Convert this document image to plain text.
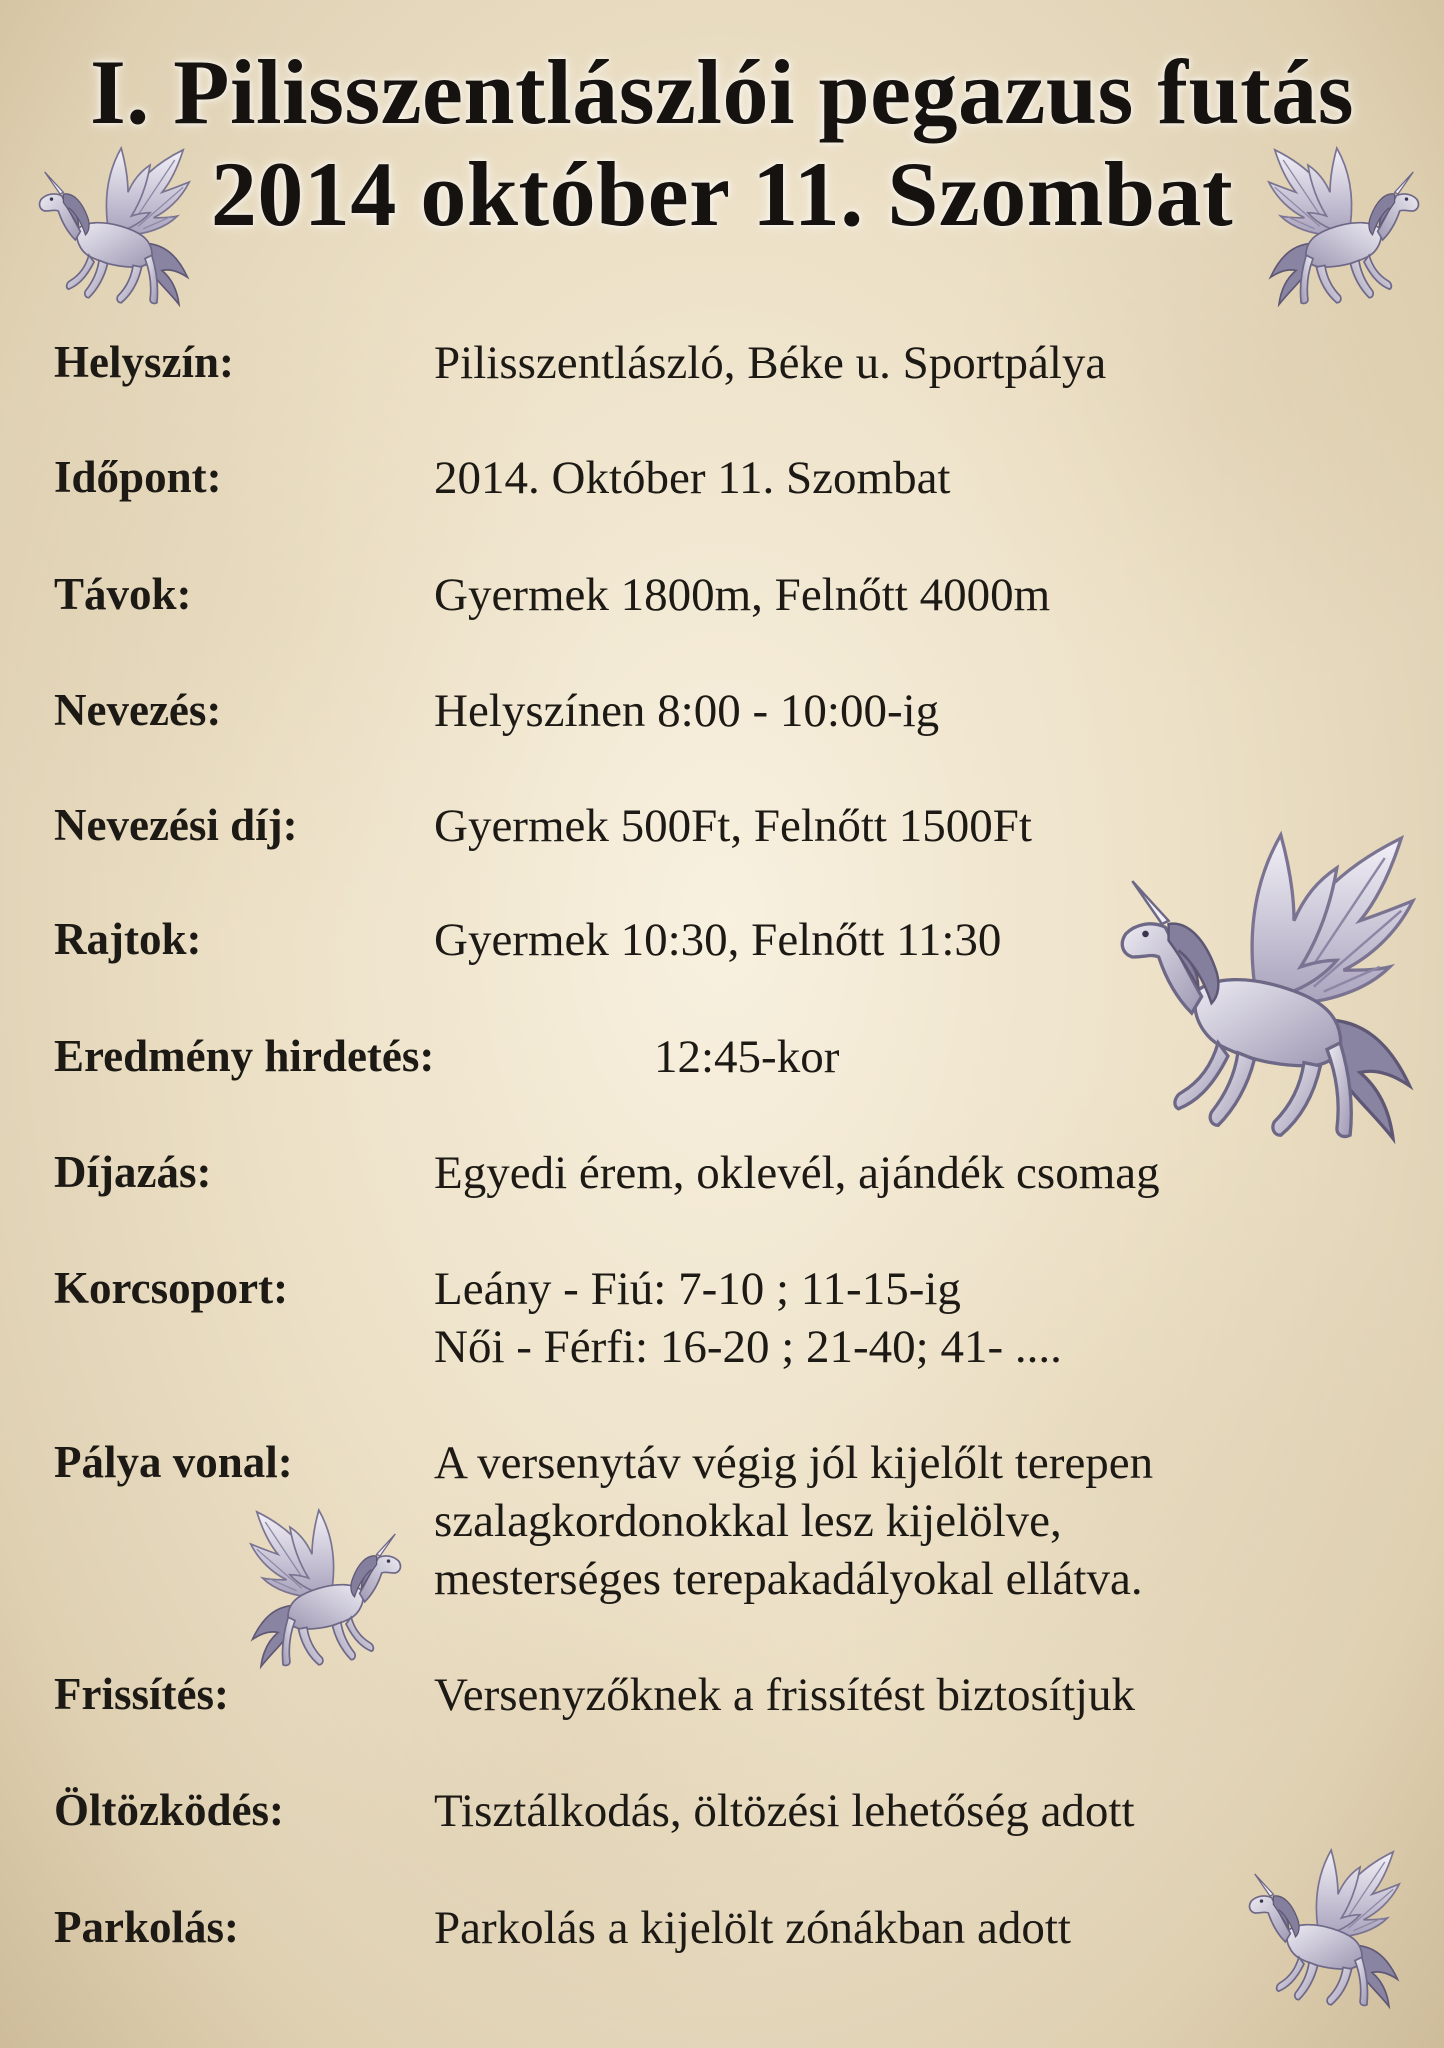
I. Pilisszentlászlói pegazus futás
2014 október 11. Szombat
Helyszín:	Pilisszentlászló, Béke u. Sportpálya
Időpont:	2014. Október 11. Szombat
Távok:	Gyermek 1800m, Felnőtt 4000m
Nevezés:	Helyszínen 8:00 - 10:00-ig
Nevezési díj:	Gyermek 500Ft, Felnőtt 1500Ft
Rajtok:	Gyermek 10:30, Felnőtt 11:30
Eredmény hirdetés:	12:45-kor
Díjazás:	Egyedi érem, oklevél, ajándék csomag
Korcsoport:	Leány - Fiú: 7-10 ; 11-15-ig
Női - Férfi: 16-20 ; 21-40; 41- ....
Pálya vonal:	A versenytáv végig jól kijelőlt terepen
szalagkordonokkal lesz kijelölve,
mesterséges terepakadályokal ellátva.
Frissítés:	Versenyzőknek a frissítést biztosítjuk
Öltözködés:	Tisztálkodás, öltözési lehetőség adott
Parkolás:	Parkolás a kijelölt zónákban adott
